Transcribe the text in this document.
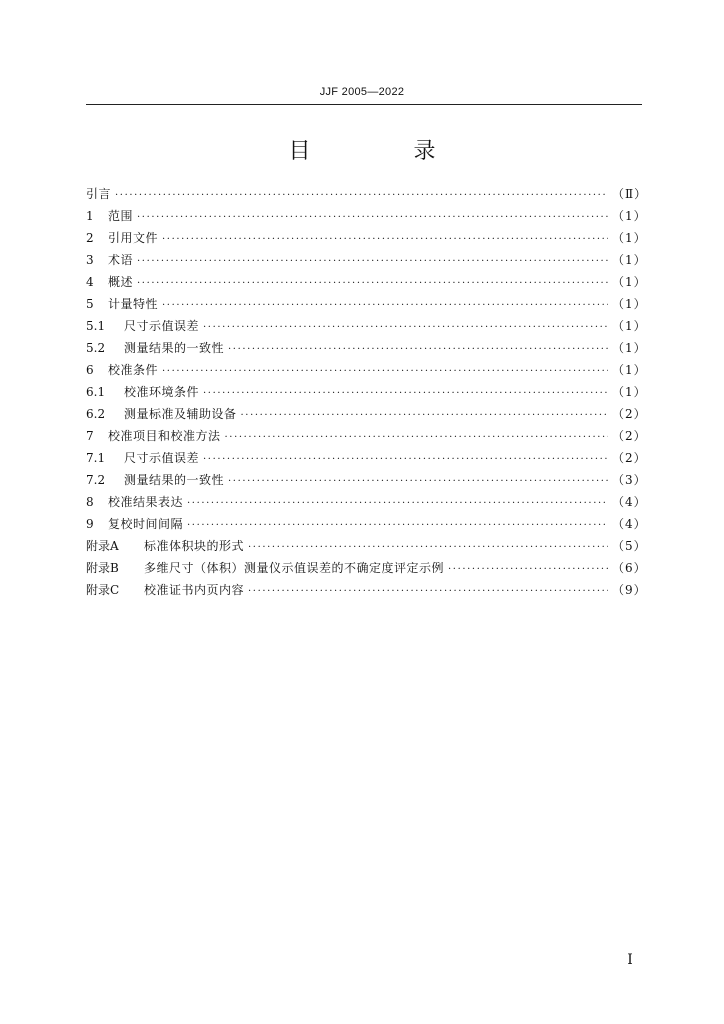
JJF 2005—2022
目 录
引言 ·····	（Ⅱ）
1	范围 ·····	（1）
2	引用文件 ·····	（1）
3	术语 ·····	（1）
4	概述 ·····	（1）
5	计量特性 ·····	（1）
5.1	尺寸示值误差 ·····	（1）
5.2	测量结果的一致性 ·····	（1）
6	校准条件 ·····	（1）
6.1	校准环境条件 ·····	（1）
6.2	测量标准及辅助设备 ·····	（2）
7	校准项目和校准方法 ·····	（2）
7.1	尺寸示值误差 ·····	（2）
7.2	测量结果的一致性 ·····	（3）
8	校准结果表达 ·····	（4）
9	复校时间间隔 ·····	（4）
附录A	标准体积块的形式 ·····	（5）
附录B	多维尺寸（体积）测量仪示值误差的不确定度评定示例 ·····	（6）
附录C	校准证书内页内容 ·····	（9）
I
